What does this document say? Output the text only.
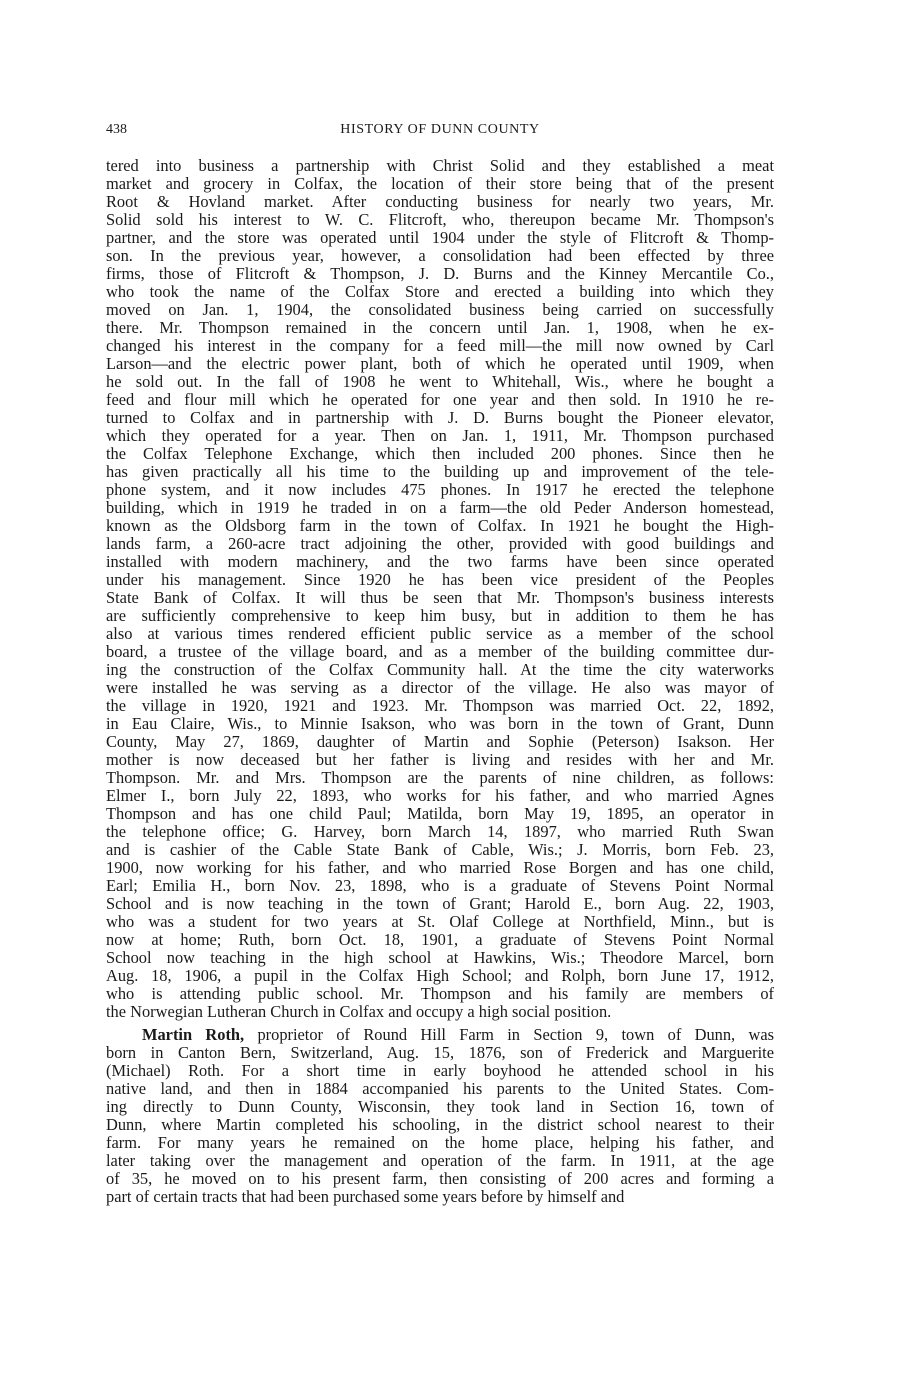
438	HISTORY OF DUNN COUNTY
tered into business a partnership with Christ Solid and they established a meat
market and grocery in Colfax, the location of their store being that of the present
Root & Hovland market. After conducting business for nearly two years, Mr.
Solid sold his interest to W. C. Flitcroft, who, thereupon became Mr. Thompson's
partner, and the store was operated until 1904 under the style of Flitcroft & Thomp-
son. In the previous year, however, a consolidation had been effected by three
firms, those of Flitcroft & Thompson, J. D. Burns and the Kinney Mercantile Co.,
who took the name of the Colfax Store and erected a building into which they
moved on Jan. 1, 1904, the consolidated business being carried on successfully
there. Mr. Thompson remained in the concern until Jan. 1, 1908, when he ex-
changed his interest in the company for a feed mill—the mill now owned by Carl
Larson—and the electric power plant, both of which he operated until 1909, when
he sold out. In the fall of 1908 he went to Whitehall, Wis., where he bought a
feed and flour mill which he operated for one year and then sold. In 1910 he re-
turned to Colfax and in partnership with J. D. Burns bought the Pioneer elevator,
which they operated for a year. Then on Jan. 1, 1911, Mr. Thompson purchased
the Colfax Telephone Exchange, which then included 200 phones. Since then he
has given practically all his time to the building up and improvement of the tele-
phone system, and it now includes 475 phones. In 1917 he erected the telephone
building, which in 1919 he traded in on a farm—the old Peder Anderson homestead,
known as the Oldsborg farm in the town of Colfax. In 1921 he bought the High-
lands farm, a 260-acre tract adjoining the other, provided with good buildings and
installed with modern machinery, and the two farms have been since operated
under his management. Since 1920 he has been vice president of the Peoples
State Bank of Colfax. It will thus be seen that Mr. Thompson's business interests
are sufficiently comprehensive to keep him busy, but in addition to them he has
also at various times rendered efficient public service as a member of the school
board, a trustee of the village board, and as a member of the building committee dur-
ing the construction of the Colfax Community hall. At the time the city waterworks
were installed he was serving as a director of the village. He also was mayor of
the village in 1920, 1921 and 1923. Mr. Thompson was married Oct. 22, 1892,
in Eau Claire, Wis., to Minnie Isakson, who was born in the town of Grant, Dunn
County, May 27, 1869, daughter of Martin and Sophie (Peterson) Isakson. Her
mother is now deceased but her father is living and resides with her and Mr.
Thompson. Mr. and Mrs. Thompson are the parents of nine children, as follows:
Elmer I., born July 22, 1893, who works for his father, and who married Agnes
Thompson and has one child Paul; Matilda, born May 19, 1895, an operator in
the telephone office; G. Harvey, born March 14, 1897, who married Ruth Swan
and is cashier of the Cable State Bank of Cable, Wis.; J. Morris, born Feb. 23,
1900, now working for his father, and who married Rose Borgen and has one child,
Earl; Emilia H., born Nov. 23, 1898, who is a graduate of Stevens Point Normal
School and is now teaching in the town of Grant; Harold E., born Aug. 22, 1903,
who was a student for two years at St. Olaf College at Northfield, Minn., but is
now at home; Ruth, born Oct. 18, 1901, a graduate of Stevens Point Normal
School now teaching in the high school at Hawkins, Wis.; Theodore Marcel, born
Aug. 18, 1906, a pupil in the Colfax High School; and Rolph, born June 17, 1912,
who is attending public school. Mr. Thompson and his family are members of
the Norwegian Lutheran Church in Colfax and occupy a high social position.
Martin Roth, proprietor of Round Hill Farm in Section 9, town of Dunn, was
born in Canton Bern, Switzerland, Aug. 15, 1876, son of Frederick and Marguerite
(Michael) Roth. For a short time in early boyhood he attended school in his
native land, and then in 1884 accompanied his parents to the United States. Com-
ing directly to Dunn County, Wisconsin, they took land in Section 16, town of
Dunn, where Martin completed his schooling, in the district school nearest to their
farm. For many years he remained on the home place, helping his father, and
later taking over the management and operation of the farm. In 1911, at the age
of 35, he moved on to his present farm, then consisting of 200 acres and forming a
part of certain tracts that had been purchased some years before by himself and
